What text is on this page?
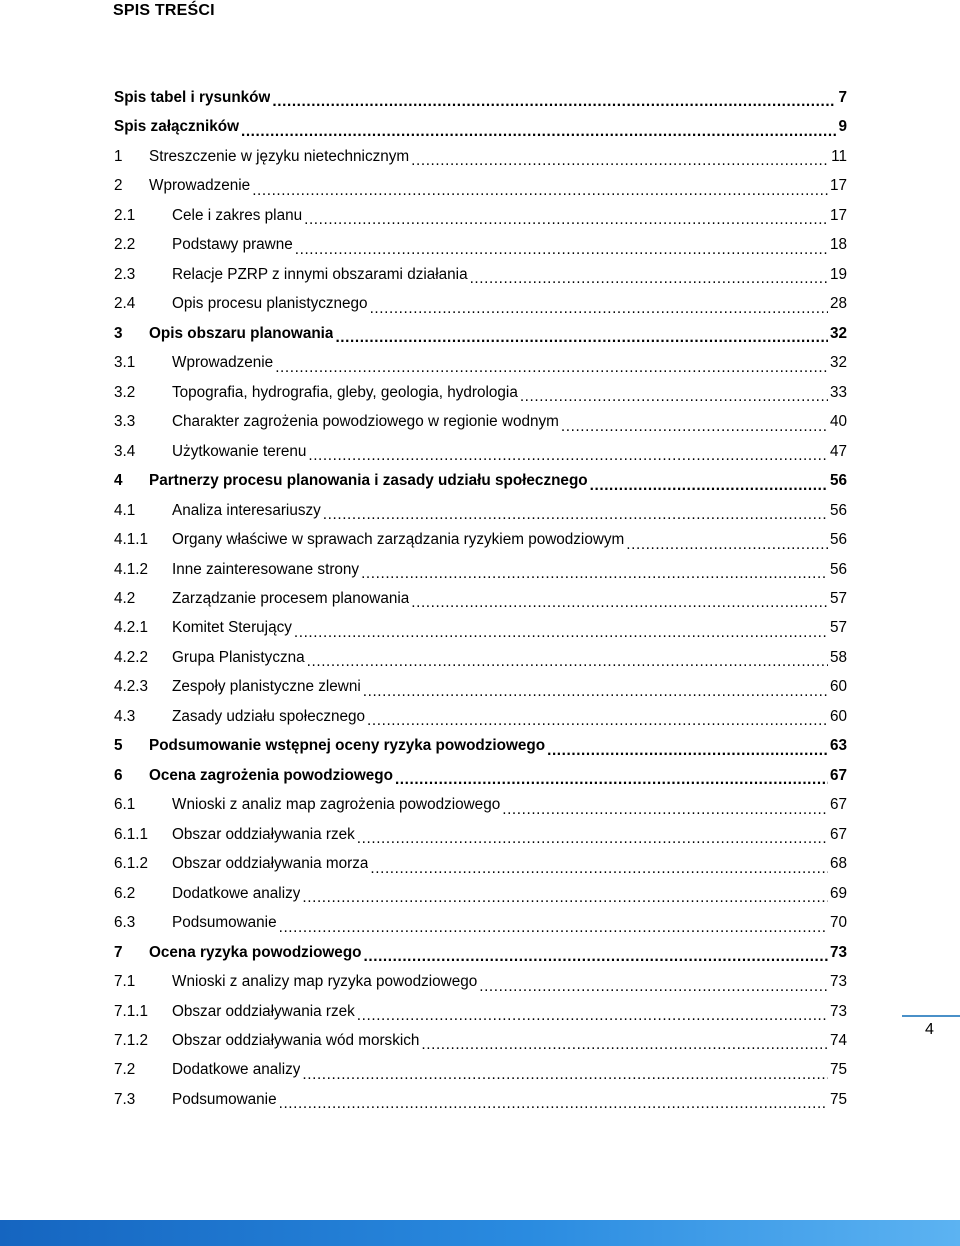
SPIS TREŚCI
Spis tabel i rysunków .....	7
Spis załączników .....	9
1	Streszczenie w języku nietechnicznym .....	11
2	Wprowadzenie .....	17
2.1	Cele i zakres planu .....	17
2.2	Podstawy prawne .....	18
2.3	Relacje PZRP z innymi obszarami działania .....	19
2.4	Opis procesu planistycznego .....	28
3	Opis obszaru planowania .....	32
3.1	Wprowadzenie .....	32
3.2	Topografia, hydrografia, gleby, geologia, hydrologia .....	33
3.3	Charakter zagrożenia powodziowego w regionie wodnym .....	40
3.4	Użytkowanie terenu .....	47
4	Partnerzy procesu planowania i zasady udziału społecznego .....	56
4.1	Analiza interesariuszy .....	56
4.1.1	Organy właściwe w sprawach zarządzania ryzykiem powodziowym .....	56
4.1.2	Inne zainteresowane strony .....	56
4.2	Zarządzanie procesem planowania .....	57
4.2.1	Komitet Sterujący .....	57
4.2.2	Grupa Planistyczna .....	58
4.2.3	Zespoły planistyczne zlewni .....	60
4.3	Zasady udziału społecznego .....	60
5	Podsumowanie wstępnej oceny ryzyka powodziowego .....	63
6	Ocena zagrożenia powodziowego .....	67
6.1	Wnioski z analiz map zagrożenia powodziowego .....	67
6.1.1	Obszar oddziaływania rzek .....	67
6.1.2	Obszar oddziaływania morza .....	68
6.2	Dodatkowe analizy .....	69
6.3	Podsumowanie .....	70
7	Ocena ryzyka powodziowego .....	73
7.1	Wnioski z analizy map ryzyka powodziowego .....	73
7.1.1	Obszar oddziaływania rzek .....	73
7.1.2	Obszar oddziaływania wód morskich .....	74
7.2	Dodatkowe analizy .....	75
7.3	Podsumowanie .....	75
4
